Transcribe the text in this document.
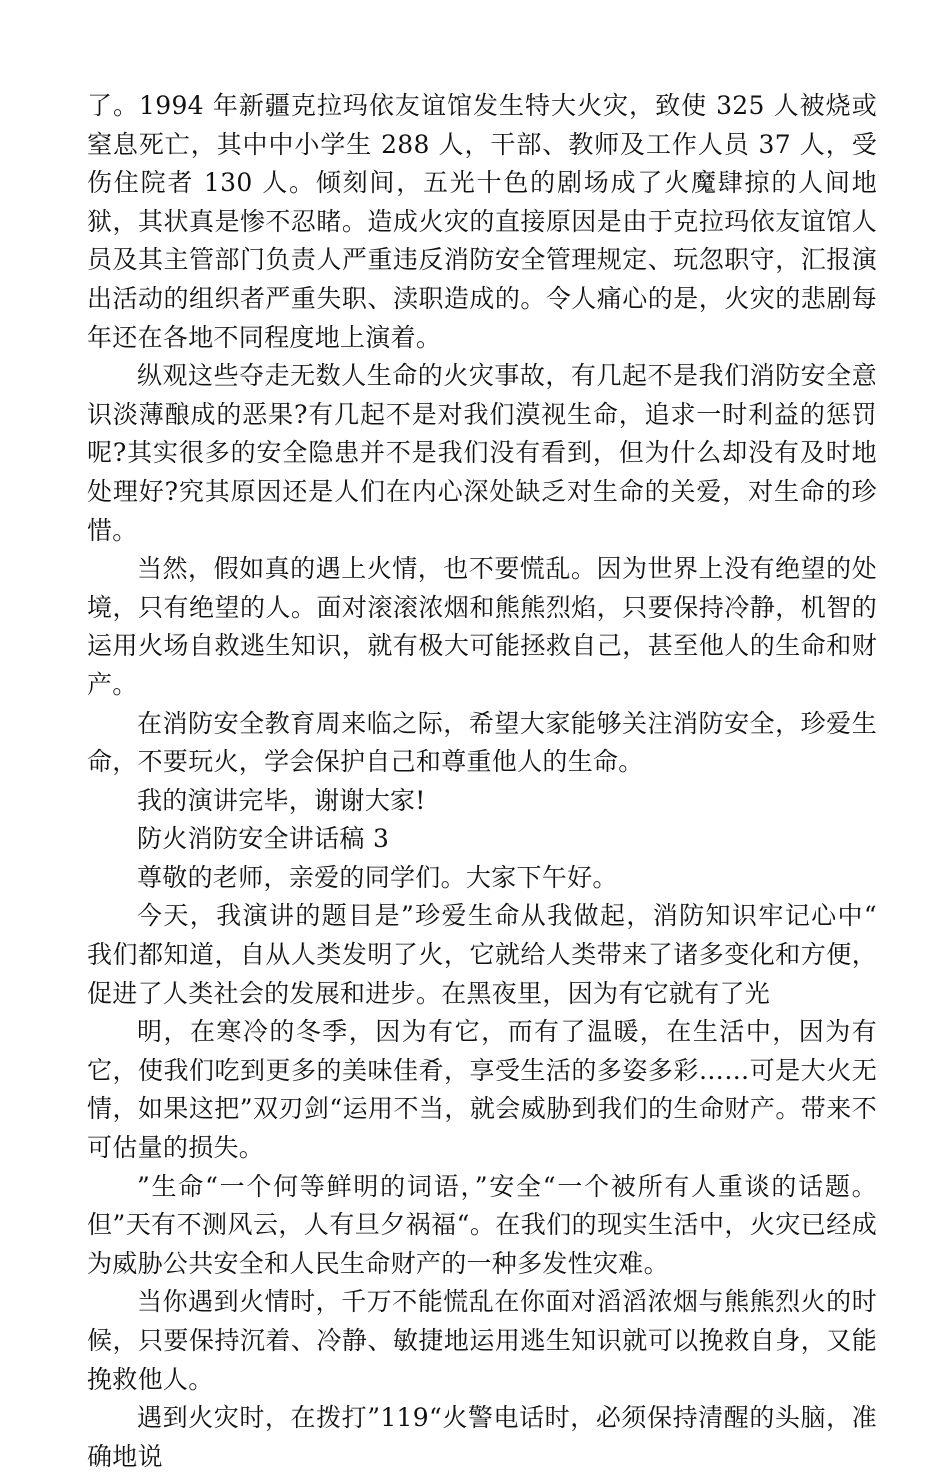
了。1994 年新疆克拉玛依友谊馆发生特大火灾，致使 325 人被烧或窒息死亡，其中中小学生 288 人，干部、教师及工作人员 37 人，受伤住院者 130 人。倾刻间，五光十色的剧场成了火魔肆掠的人间地狱，其状真是惨不忍睹。造成火灾的直接原因是由于克拉玛依友谊馆人员及其主管部门负责人严重违反消防安全管理规定、玩忽职守，汇报演出活动的组织者严重失职、渎职造成的。令人痛心的是，火灾的悲剧每年还在各地不同程度地上演着。

纵观这些夺走无数人生命的火灾事故，有几起不是我们消防安全意识淡薄酿成的恶果?有几起不是对我们漠视生命，追求一时利益的惩罚呢?其实很多的安全隐患并不是我们没有看到，但为什么却没有及时地处理好?究其原因还是人们在内心深处缺乏对生命的关爱，对生命的珍惜。

当然，假如真的遇上火情，也不要慌乱。因为世界上没有绝望的处境，只有绝望的人。面对滚滚浓烟和熊熊烈焰，只要保持冷静，机智的运用火场自救逃生知识，就有极大可能拯救自己，甚至他人的生命和财产。

在消防安全教育周来临之际，希望大家能够关注消防安全，珍爱生命，不要玩火，学会保护自己和尊重他人的生命。

我的演讲完毕，谢谢大家!

防火消防安全讲话稿 3

尊敬的老师，亲爱的同学们。大家下午好。

今天，我演讲的题目是”珍爱生命从我做起，消防知识牢记心中“ 我们都知道，自从人类发明了火，它就给人类带来了诸多变化和方便，促进了人类社会的发展和进步。在黑夜里，因为有它就有了光

明，在寒冷的冬季，因为有它，而有了温暖，在生活中，因为有它，使我们吃到更多的美味佳肴，享受生活的多姿多彩……可是大火无情，如果这把”双刃剑“运用不当，就会威胁到我们的生命财产。带来不可估量的损失。

”生命“一个何等鲜明的词语，”安全“一个被所有人重谈的话题。但”天有不测风云，人有旦夕祸福“。在我们的现实生活中，火灾已经成为威胁公共安全和人民生命财产的一种多发性灾难。

当你遇到火情时，千万不能慌乱在你面对滔滔浓烟与熊熊烈火的时候，只要保持沉着、冷静、敏捷地运用逃生知识就可以挽救自身，又能挽救他人。

遇到火灾时，在拨打”119“火警电话时，必须保持清醒的头脑，准确地说
